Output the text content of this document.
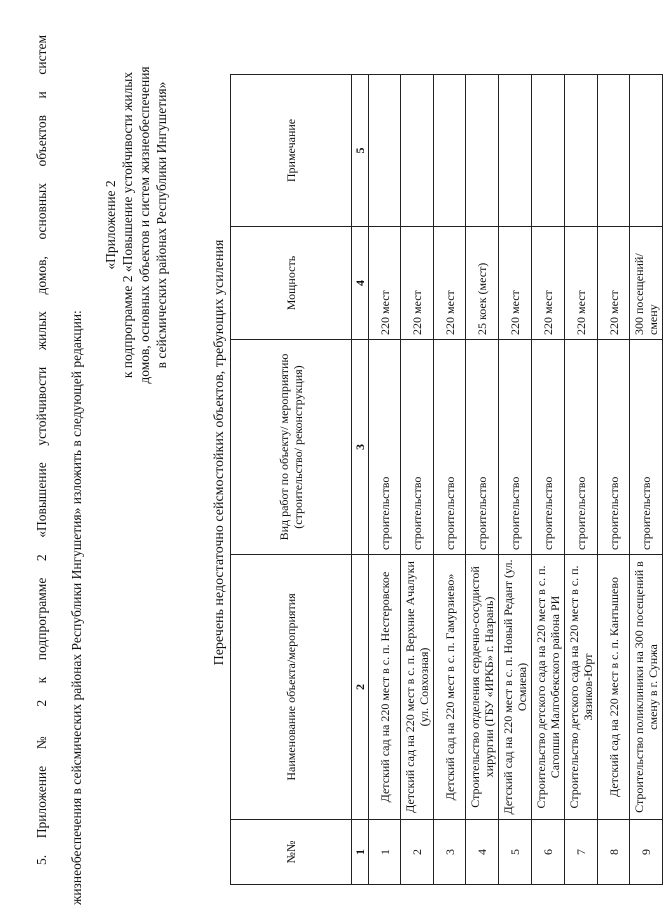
5. Приложение № 2 к подпрограмме 2 «Повышение устойчивости жилых домов, основных объектов и систем	жизнеобеспечения в сейсмических районах Республики Ингушетия» изложить в следующей редакции:
«Приложение 2 к подпрограмме 2 «Повышение устойчивости жилых домов, основных объектов и систем жизнеобеспечения в сейсмических районах Республики Ингушетия»
Перечень недостаточно сейсмостойких объектов, требующих усиления
№№	Наименование объекта/мероприятия	Вид работ по объекту/ мероприятию (строительство/ реконструкция)	Мощность	Примечание
1	2	3	4	5
1	Детский сад на 220 мест в с. п. Нестеровское	строительство	220 мест	
2	Детский сад на 220 мест в с. п. Верхние Ачалуки (ул. Совхозная)	строительство	220 мест	
3	Детский сад на 220 мест в с. п. Гамурзиево»	строительство	220 мест	
4	Строительство отделения сердечно-сосудистой хирургии (ГБУ «ИРКБ» г. Назрань)	строительство	25 коек (мест)	
5	Детский сад на 220 мест в с. п. Новый Редант (ул. Осмиева)	строительство	220 мест	
6	Строительство детского сада на 220 мест в с. п. Сагопши Малгобекского района РИ	строительство	220 мест	
7	Строительство детского сада на 220 мест в с. п. Зязиков-Юрт	строительство	220 мест	
8	Детский сад на 220 мест в с. п. Кантышево	строительство	220 мест	
9	Строительство поликлиники на 300 посещений в смену в г. Сунжа	строительство	300 посещений/смену	
